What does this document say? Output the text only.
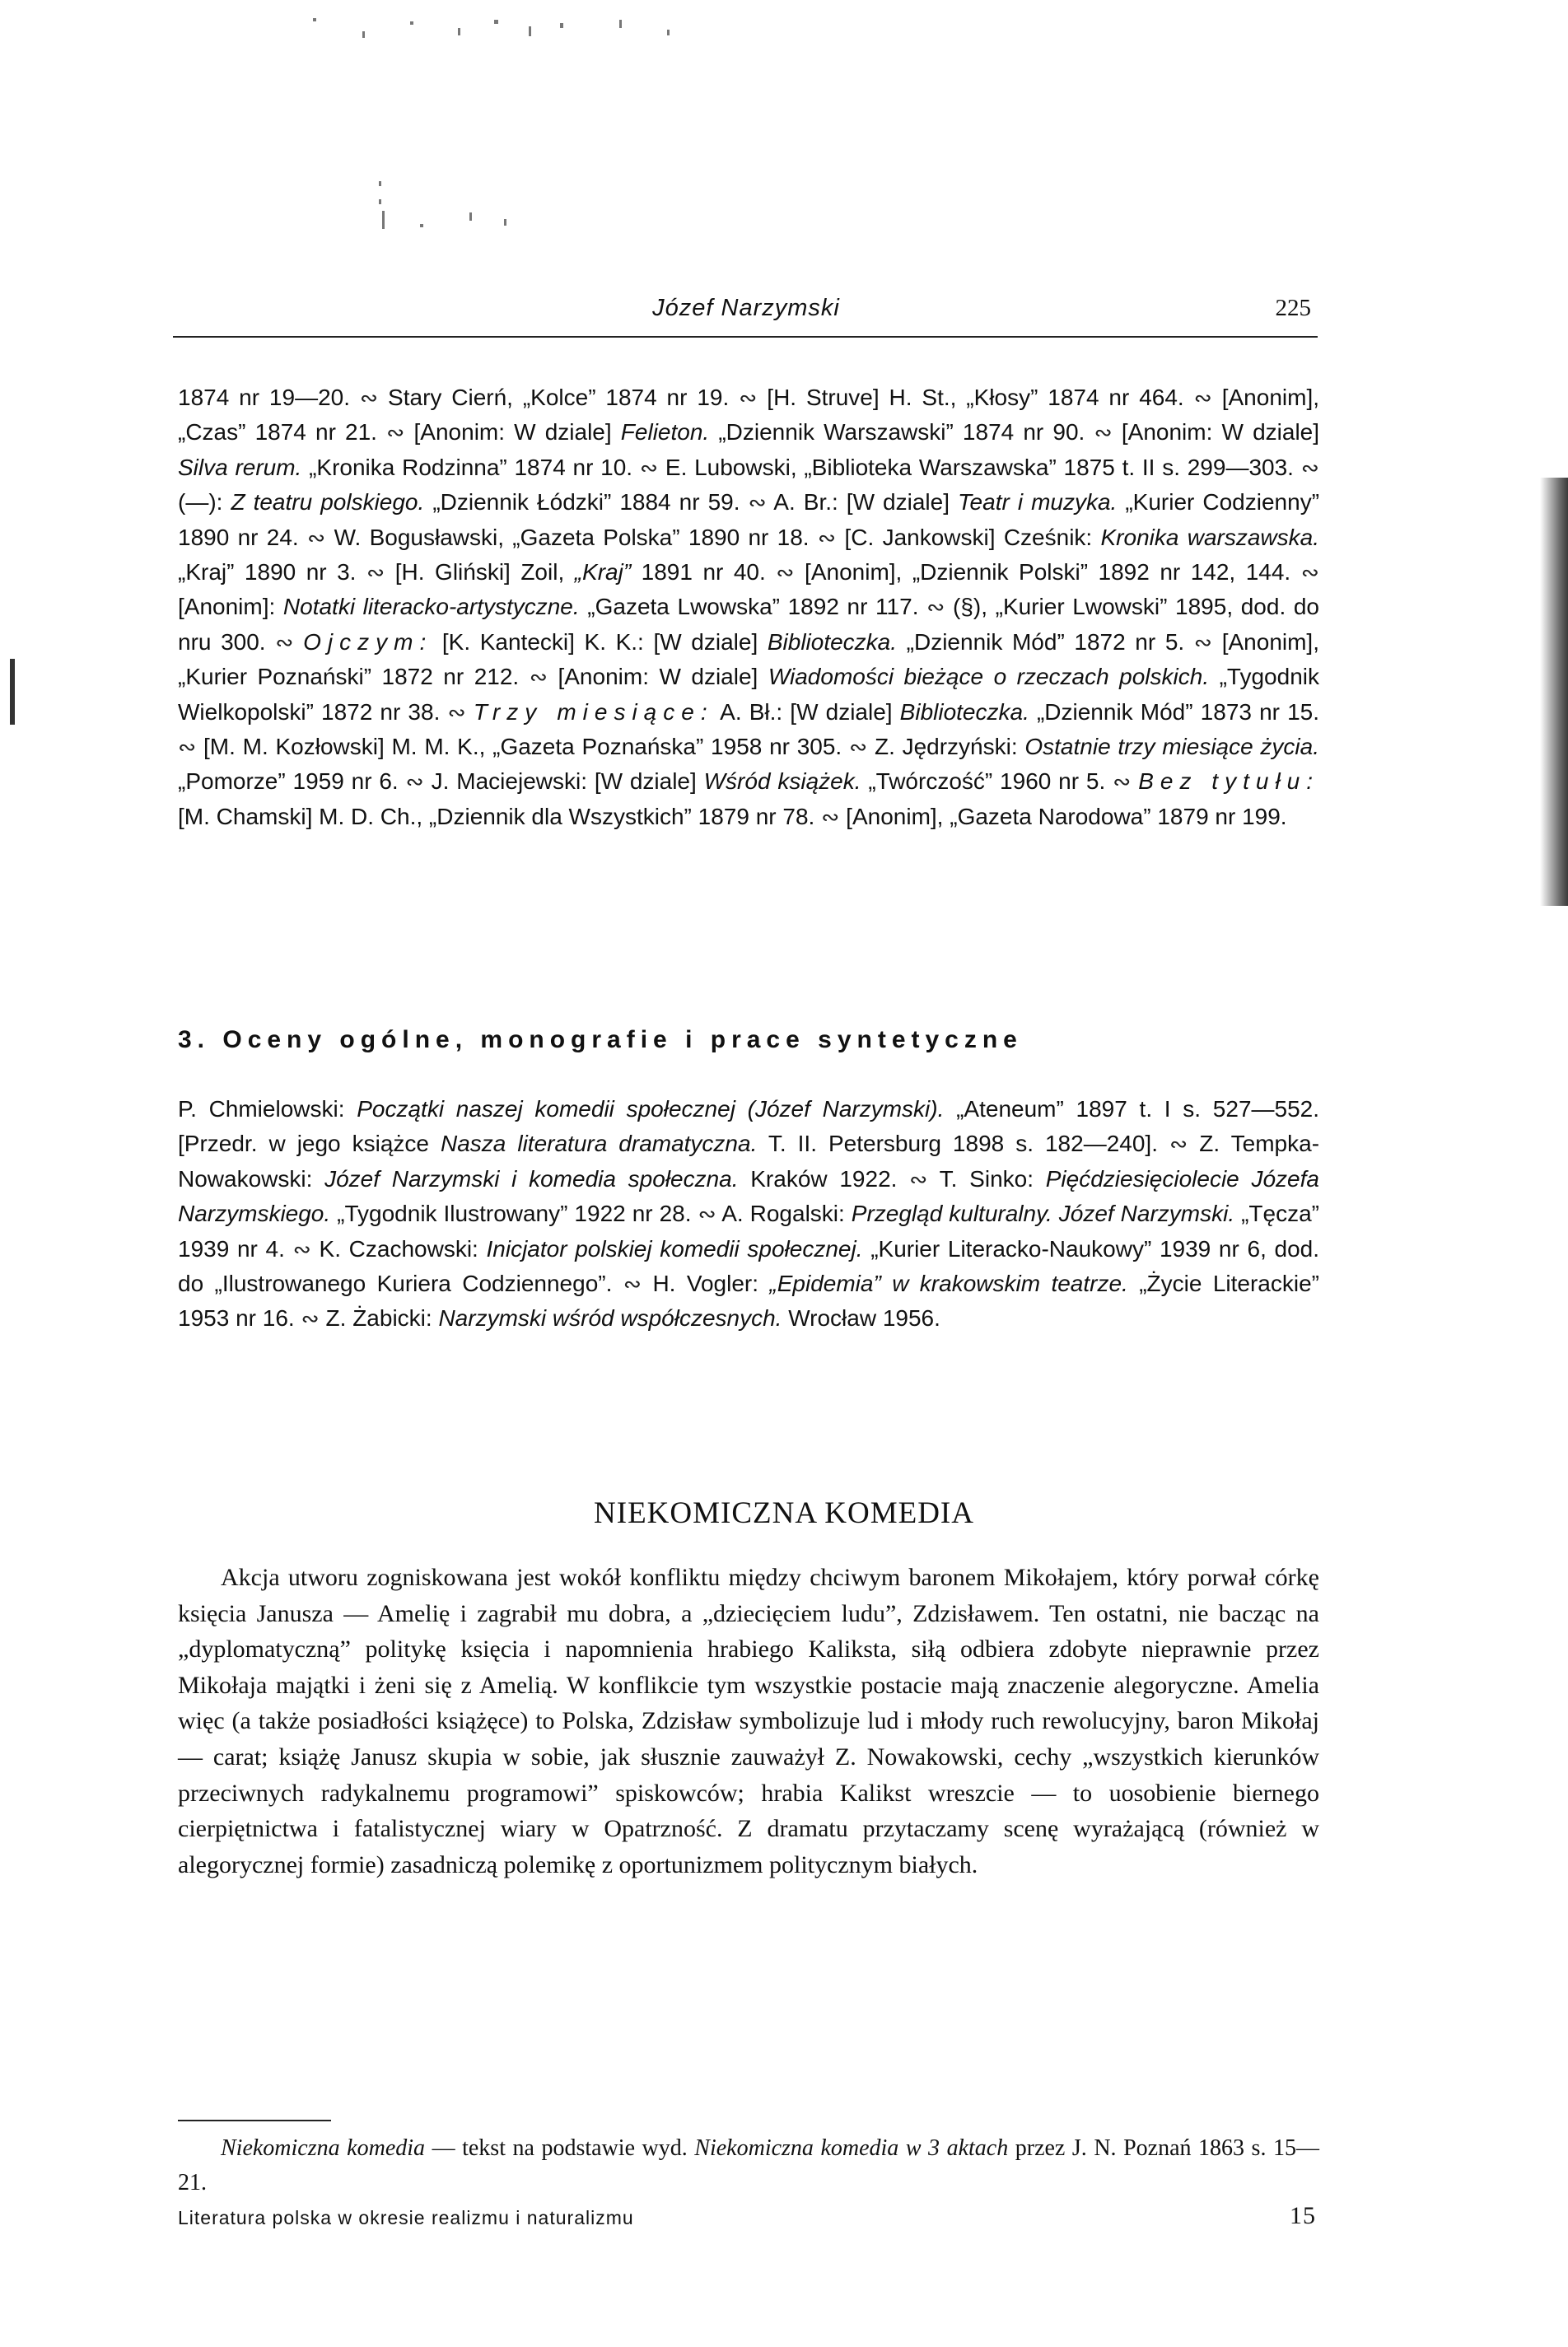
Józef Narzymski	225

1874 nr 19—20. ∾ Stary Cierń, „Kolce” 1874 nr 19. ∾ [H. Struve] H. St., „Kłosy” 1874 nr 464. ∾ [Anonim], „Czas” 1874 nr 21. ∾ [Anonim: W dziale] Felieton. „Dziennik Warszawski” 1874 nr 90. ∾ [Anonim: W dziale] Silva rerum. „Kronika Rodzinna” 1874 nr 10. ∾ E. Lubowski, „Biblioteka Warszawska” 1875 t. II s. 299—303. ∾ (—): Z teatru polskiego. „Dziennik Łódzki” 1884 nr 59. ∾ A. Br.: [W dziale] Teatr i muzyka. „Kurier Codzienny” 1890 nr 24. ∾ W. Bogusławski, „Gazeta Polska” 1890 nr 18. ∾ [C. Jankowski] Cześnik: Kronika warszawska. „Kraj” 1890 nr 3. ∾ [H. Gliński] Zoil, „Kraj” 1891 nr 40. ∾ [Anonim], „Dziennik Polski” 1892 nr 142, 144. ∾ [Anonim]: Notatki literacko-artystyczne. „Gazeta Lwowska” 1892 nr 117. ∾ (§), „Kurier Lwowski” 1895, dod. do nru 300. ∾ Ojczym: [K. Kantecki] K. K.: [W dziale] Biblioteczka. „Dziennik Mód” 1872 nr 5. ∾ [Anonim], „Kurier Poznański” 1872 nr 212. ∾ [Anonim: W dziale] Wiadomości bieżące o rzeczach polskich. „Tygodnik Wielkopolski” 1872 nr 38. ∾ Trzy miesiące: A. Bł.: [W dziale] Biblioteczka. „Dziennik Mód” 1873 nr 15. ∾ [M. M. Kozłowski] M. M. K., „Gazeta Poznańska” 1958 nr 305. ∾ Z. Jędrzyński: Ostatnie trzy miesiące życia. „Pomorze” 1959 nr 6. ∾ J. Maciejewski: [W dziale] Wśród książek. „Twórczość” 1960 nr 5. ∾ Bez tytułu: [M. Chamski] M. D. Ch., „Dziennik dla Wszystkich” 1879 nr 78. ∾ [Anonim], „Gazeta Narodowa” 1879 nr 199.

3. Oceny ogólne, monografie i prace syntetyczne

P. Chmielowski: Początki naszej komedii społecznej (Józef Narzymski). „Ateneum” 1897 t. I s. 527—552. [Przedr. w jego książce Nasza literatura dramatyczna. T. II. Petersburg 1898 s. 182—240]. ∾ Z. Tempka-Nowakowski: Józef Narzymski i komedia społeczna. Kraków 1922. ∾ T. Sinko: Pięćdziesięciolecie Józefa Narzymskiego. „Tygodnik Ilustrowany” 1922 nr 28. ∾ A. Rogalski: Przegląd kulturalny. Józef Narzymski. „Tęcza” 1939 nr 4. ∾ K. Czachowski: Inicjator polskiej komedii społecznej. „Kurier Literacko-Naukowy” 1939 nr 6, dod. do „Ilustrowanego Kuriera Codziennego”. ∾ H. Vogler: „Epidemia” w krakowskim teatrze. „Życie Literackie” 1953 nr 16. ∾ Z. Żabicki: Narzymski wśród współczesnych. Wrocław 1956.

NIEKOMICZNA KOMEDIA

Akcja utworu zogniskowana jest wokół konfliktu między chciwym baronem Mikołajem, który porwał córkę księcia Janusza — Amelię i zagrabił mu dobra, a „dziecięciem ludu”, Zdzisławem. Ten ostatni, nie bacząc na „dyplomatyczną” politykę księcia i napomnienia hrabiego Kaliksta, siłą odbiera zdobyte nieprawnie przez Mikołaja majątki i żeni się z Amelią. W konflikcie tym wszystkie postacie mają znaczenie alegoryczne. Amelia więc (a także posiadłości książęce) to Polska, Zdzisław symbolizuje lud i młody ruch rewolucyjny, baron Mikołaj — carat; książę Janusz skupia w sobie, jak słusznie zauważył Z. Nowakowski, cechy „wszystkich kierunków przeciwnych radykalnemu programowi” spiskowców; hrabia Kalikst wreszcie — to uosobienie biernego cierpiętnictwa i fatalistycznej wiary w Opatrzność. Z dramatu przytaczamy scenę wyrażającą (również w alegorycznej formie) zasadniczą polemikę z oportunizmem politycznym białych.

Niekomiczna komedia — tekst na podstawie wyd. Niekomiczna komedia w 3 aktach przez J. N. Poznań 1863 s. 15—21.

Literatura polska w okresie realizmu i naturalizmu	15
